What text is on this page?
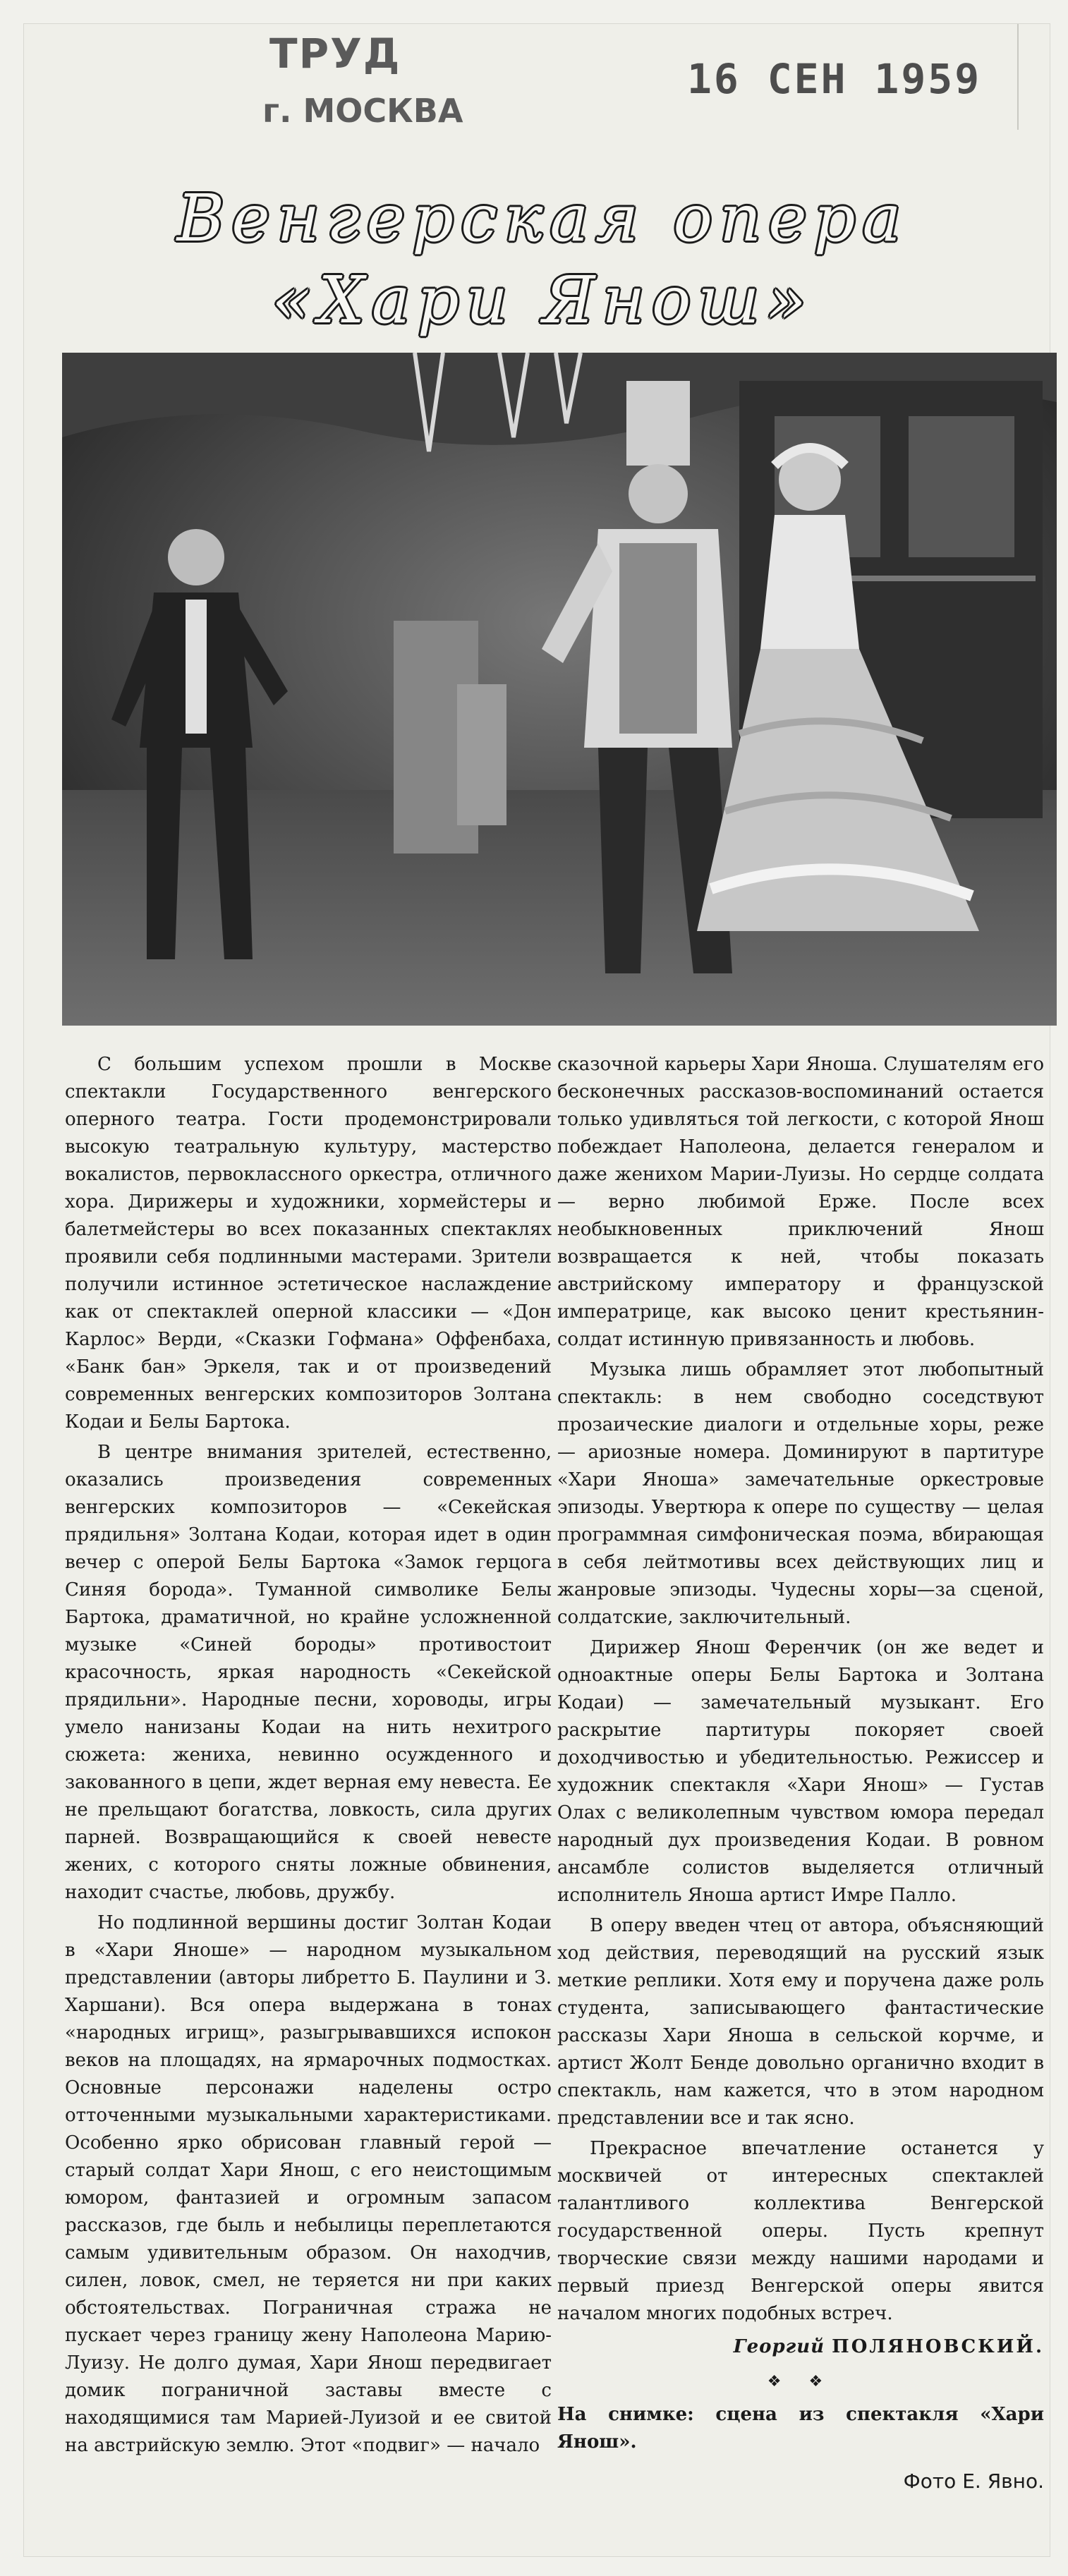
ТРУД
г. МОСКВА
16 СЕН 1959
Венгерская опера
«Хари Янош»

С большим успехом прошли в Москве спектакли Государственного венгерского оперного театра. Гости продемонстрировали высокую театральную культуру, мастерство вокалистов, первоклассного оркестра, отличного хора. Дирижеры и художники, хормейстеры и балетмейстеры во всех показанных спектаклях проявили себя подлинными мастерами. Зрители получили истинное эстетическое наслаждение как от спектаклей оперной классики — «Дон Карлос» Верди, «Сказки Гофмана» Оффенбаха, «Банк бан» Эркеля, так и от произведений современных венгерских композиторов Золтана Кодаи и Белы Бартока.

В центре внимания зрителей, естественно, оказались произведения современных венгерских композиторов — «Секейская прядильня» Золтана Кодаи, которая идет в один вечер с оперой Белы Бартока «Замок герцога Синяя борода». Туманной символике Белы Бартока, драматичной, но крайне усложненной музыке «Синей бороды» противостоит красочность, яркая народность «Секейской прядильни». Народные песни, хороводы, игры умело нанизаны Кодаи на нить нехитрого сюжета: жениха, невинно осужденного и закованного в цепи, ждет верная ему невеста. Ее не прельщают богатства, ловкость, сила других парней. Возвращающийся к своей невесте жених, с которого сняты ложные обвинения, находит счастье, любовь, дружбу.

Но подлинной вершины достиг Золтан Кодаи в «Хари Яноше» — народном музыкальном представлении (авторы либретто Б. Паулини и З. Харшани). Вся опера выдержана в тонах «народных игрищ», разыгрывавшихся испокон веков на площадях, на ярмарочных подмостках. Основные персонажи наделены остро отточенными музыкальными характеристиками. Особенно ярко обрисован главный герой — старый солдат Хари Янош, с его неистощимым юмором, фантазией и огромным запасом рассказов, где быль и небылицы переплетаются самым удивительным образом. Он находчив, силен, ловок, смел, не теряется ни при каких обстоятельствах. Пограничная стража не пускает через границу жену Наполеона Марию-Луизу. Не долго думая, Хари Янош передвигает домик пограничной заставы вместе с находящимися там Марией-Луизой и ее свитой на австрийскую землю. Этот «подвиг» — начало

сказочной карьеры Хари Яноша. Слушателям его бесконечных рассказов-воспоминаний остается только удивляться той легкости, с которой Янош побеждает Наполеона, делается генералом и даже женихом Марии-Луизы. Но сердце солдата — верно любимой Ерже. После всех необыкновенных приключений Янош возвращается к ней, чтобы показать австрийскому императору и французской императрице, как высоко ценит крестьянин-солдат истинную привязанность и любовь.

Музыка лишь обрамляет этот любопытный спектакль: в нем свободно соседствуют прозаические диалоги и отдельные хоры, реже — ариозные номера. Доминируют в партитуре «Хари Яноша» замечательные оркестровые эпизоды. Увертюра к опере по существу — целая программная симфоническая поэма, вбирающая в себя лейтмотивы всех действующих лиц и жанровые эпизоды. Чудесны хоры—за сценой, солдатские, заключительный.

Дирижер Янош Ференчик (он же ведет и одноактные оперы Белы Бартока и Золтана Кодаи) — замечательный музыкант. Его раскрытие партитуры покоряет своей доходчивостью и убедительностью. Режиссер и художник спектакля «Хари Янош» — Густав Олах с великолепным чувством юмора передал народный дух произведения Кодаи. В ровном ансамбле солистов выделяется отличный исполнитель Яноша артист Имре Палло.

В оперу введен чтец от автора, объясняющий ход действия, переводящий на русский язык меткие реплики. Хотя ему и поручена даже роль студента, записывающего фантастические рассказы Хари Яноша в сельской корчме, и артист Жолт Бенде довольно органично входит в спектакль, нам кажется, что в этом народном представлении все и так ясно.

Прекрасное впечатление останется у москвичей от интересных спектаклей талантливого коллектива Венгерской государственной оперы. Пусть крепнут творческие связи между нашими народами и первый приезд Венгерской оперы явится началом многих подобных встреч.

Георгий ПОЛЯНОВСКИЙ.
❖ ❖
На снимке: сцена из спектакля «Хари Янош».
Фото Е. Явно.
